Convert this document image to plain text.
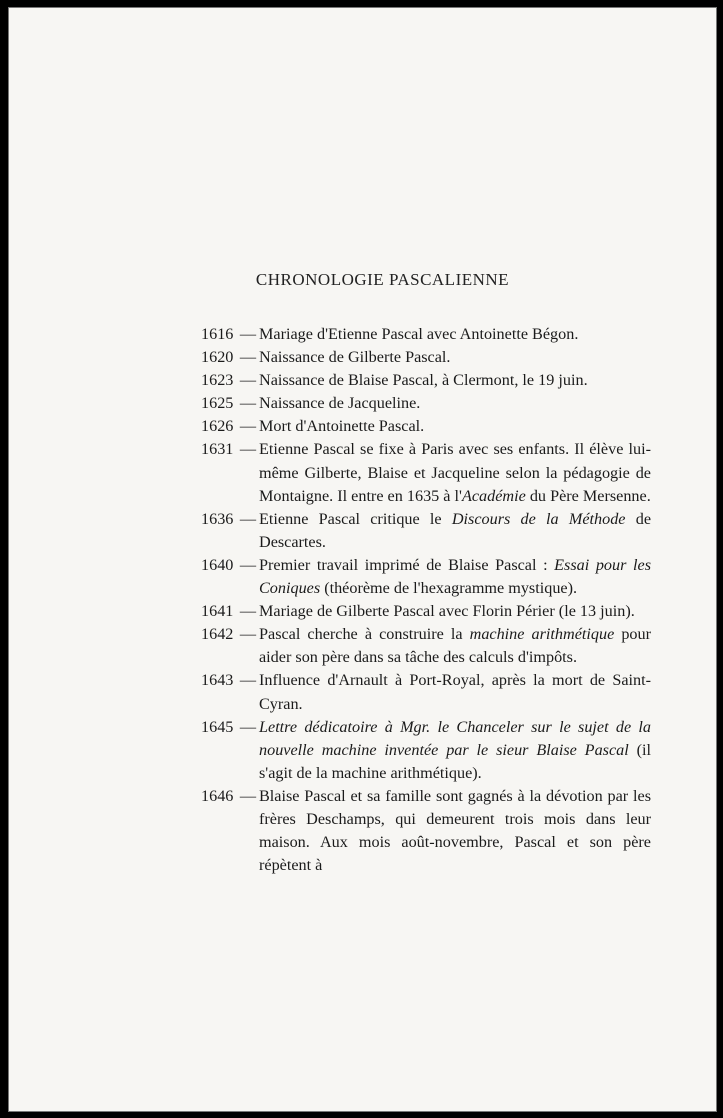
CHRONOLOGIE PASCALIENNE
1616 — Mariage d'Etienne Pascal avec Antoinette Bégon.
1620 — Naissance de Gilberte Pascal.
1623 — Naissance de Blaise Pascal, à Clermont, le 19 juin.
1625 — Naissance de Jacqueline.
1626 — Mort d'Antoinette Pascal.
1631 — Etienne Pascal se fixe à Paris avec ses enfants. Il élève lui-même Gilberte, Blaise et Jacqueline selon la pédagogie de Montaigne. Il entre en 1635 à l'Académie du Père Mersenne.
1636 — Etienne Pascal critique le Discours de la Méthode de Descartes.
1640 — Premier travail imprimé de Blaise Pascal : Essai pour les Coniques (théorème de l'hexagramme mystique).
1641 — Mariage de Gilberte Pascal avec Florin Périer (le 13 juin).
1642 — Pascal cherche à construire la machine arithmétique pour aider son père dans sa tâche des calculs d'impôts.
1643 — Influence d'Arnault à Port-Royal, après la mort de Saint-Cyran.
1645 — Lettre dédicatoire à Mgr. le Chanceler sur le sujet de la nouvelle machine inventée par le sieur Blaise Pascal (il s'agit de la machine arithmétique).
1646 — Blaise Pascal et sa famille sont gagnés à la dévotion par les frères Deschamps, qui demeurent trois mois dans leur maison. Aux mois août-novembre, Pascal et son père répètent à
